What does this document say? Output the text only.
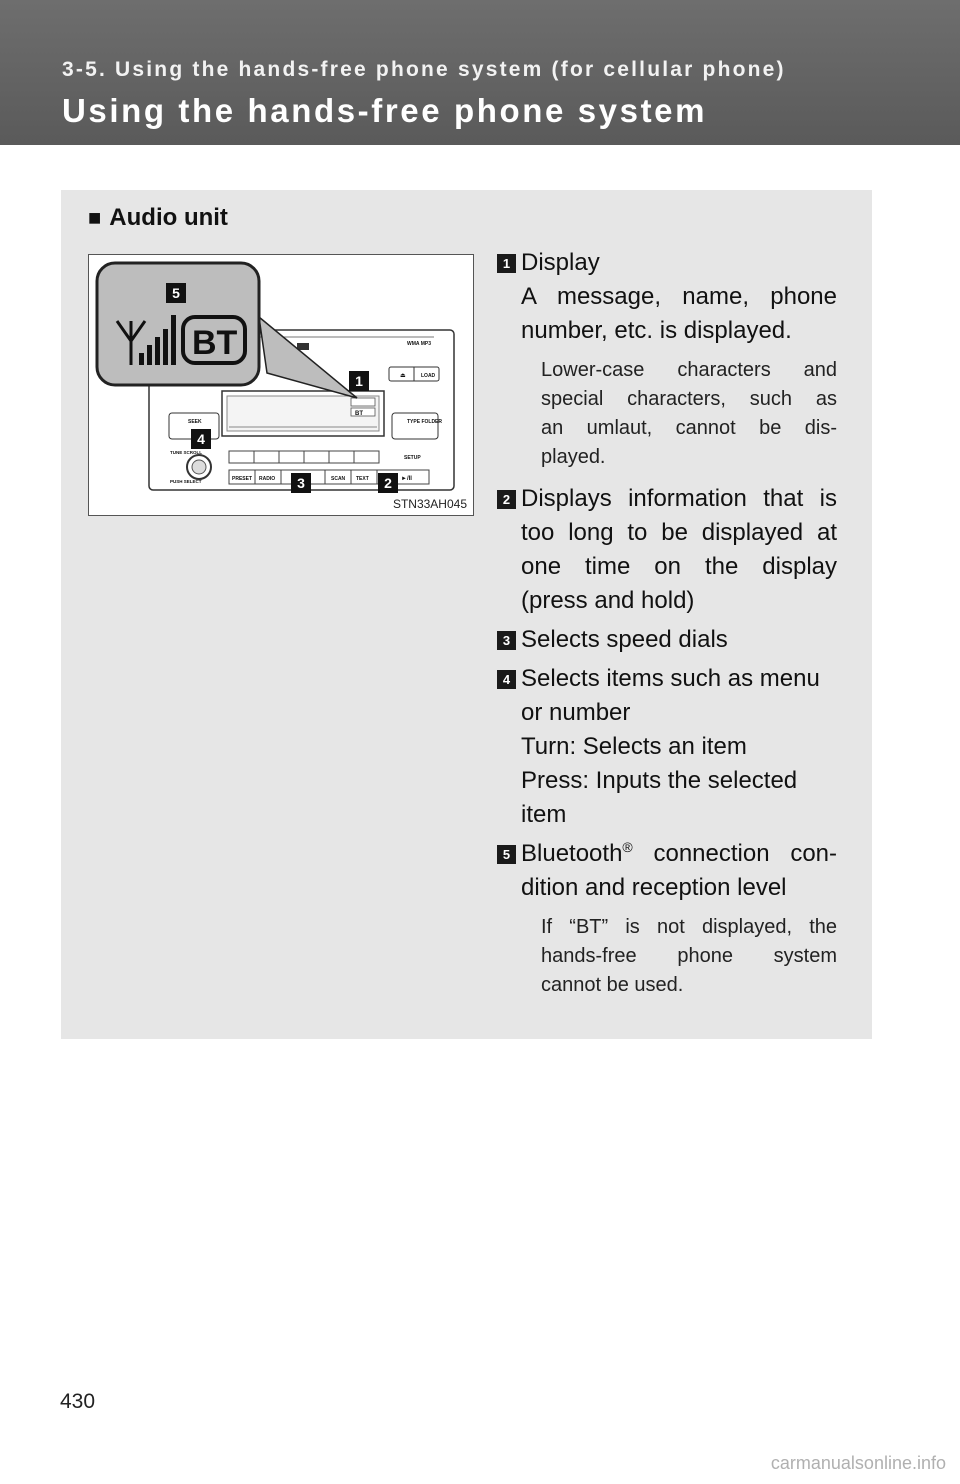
3-5. Using the hands-free phone system (for cellular phone)

Using the hands-free phone system
■ Audio unit
WMA MP3
⏏	LOAD
BT
SEEK	TYPE FOLDER
SETUP
TUNE SCROLL
PUSH SELECT	PRESET RADIO	SCAN TEXT	►/II
BT
5
1
4
3	2
STN33AH045
1 Display
A message, name, phone
number, etc. is displayed.
Lower-case characters and
special characters, such as
an umlaut, cannot be dis-
played.
2 Displays information that is
too long to be displayed at
one time on the display
(press and hold)
3 Selects speed dials
4 Selects items such as menu
or number
Turn: Selects an item
Press: Inputs the selected
item
5 Bluetooth® connection con-
dition and reception level
If “BT” is not displayed, the
hands-free phone system
cannot be used.
430
carmanualsonline.info
